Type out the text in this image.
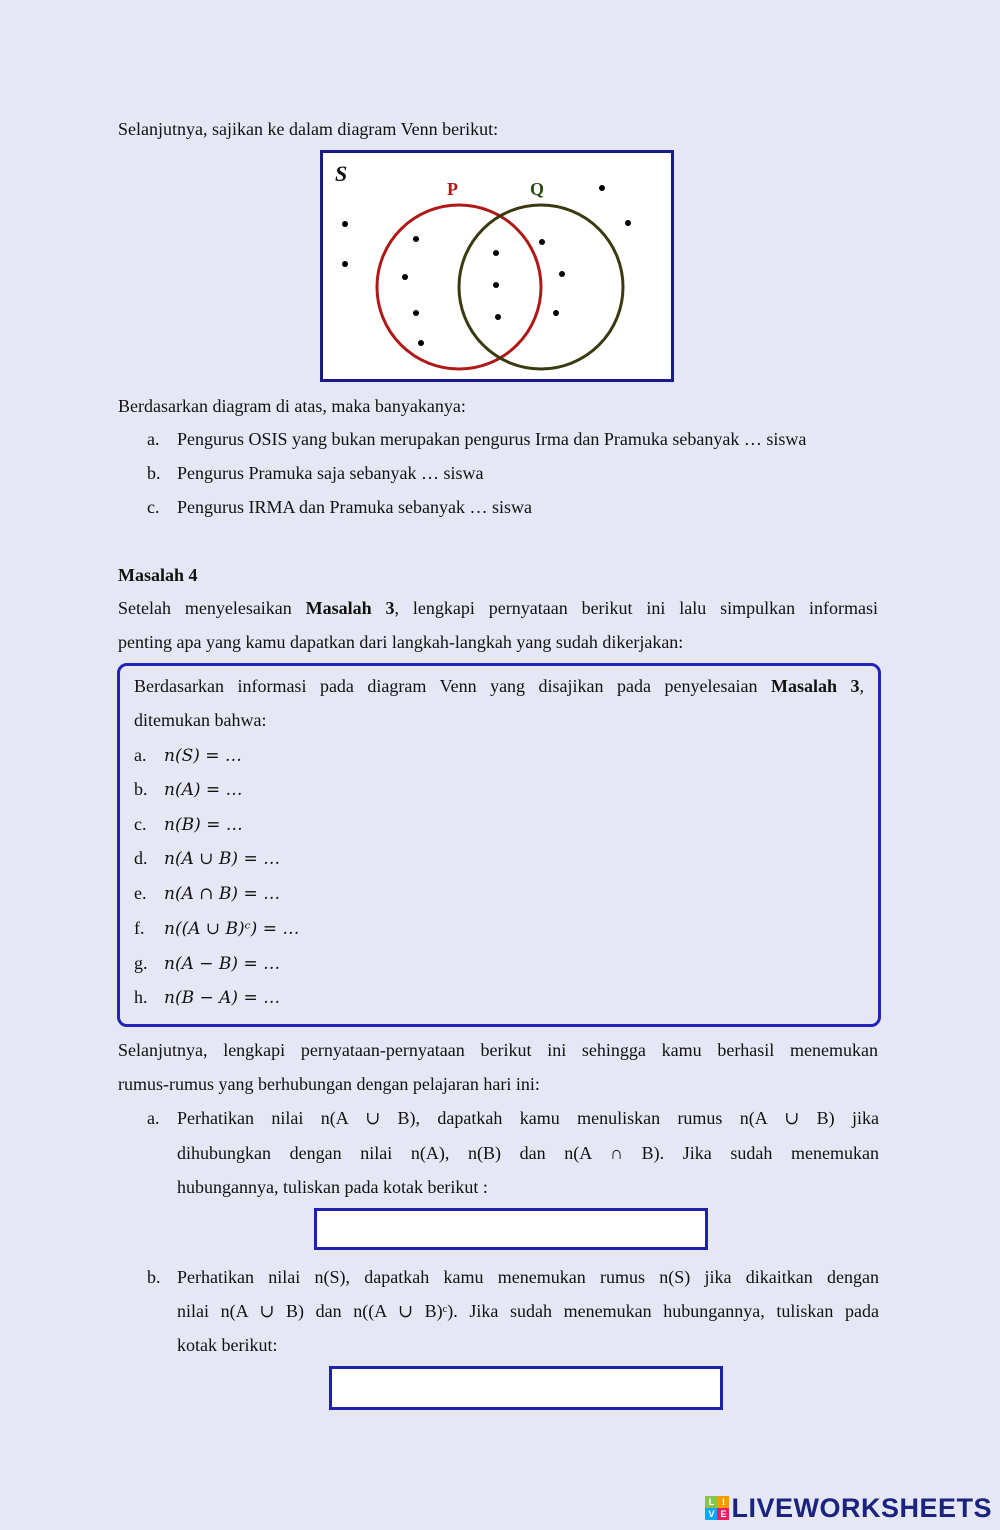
Selanjutnya, sajikan ke dalam diagram Venn berikut:

S
P	Q

Berdasarkan diagram di atas, maka banyakanya:

a. Pengurus OSIS yang bukan merupakan pengurus Irma dan Pramuka sebanyak … siswa

b. Pengurus Pramuka saja sebanyak … siswa

c. Pengurus IRMA dan Pramuka sebanyak … siswa

Masalah 4

Setelah menyelesaikan Masalah 3, lengkapi pernyataan berikut ini lalu simpulkan informasi

penting apa yang kamu dapatkan dari langkah-langkah yang sudah dikerjakan:

Berdasarkan informasi pada diagram Venn yang disajikan pada penyelesaian Masalah 3,

ditemukan bahwa:

a. n(S) = …

b. n(A) = …

c. n(B) = …

d. n(A ∪ B) = …

e. n(A ∩ B) = …

f. n((A ∪ B)ᶜ) = …

g. n(A − B) = …

h. n(B − A) = …

Selanjutnya, lengkapi pernyataan-pernyataan berikut ini sehingga kamu berhasil menemukan

rumus-rumus yang berhubungan dengan pelajaran hari ini:

a. Perhatikan nilai n(A ∪ B), dapatkah kamu menuliskan rumus n(A ∪ B) jika

dihubungkan dengan nilai n(A), n(B) dan n(A ∩ B). Jika sudah menemukan

hubungannya, tuliskan pada kotak berikut :

b. Perhatikan nilai n(S), dapatkah kamu menemukan rumus n(S) jika dikaitkan dengan

nilai n(A ∪ B) dan n((A ∪ B)ᶜ). Jika sudah menemukan hubungannya, tuliskan pada

kotak berikut:

L I
V E LIVEWORKSHEETS
